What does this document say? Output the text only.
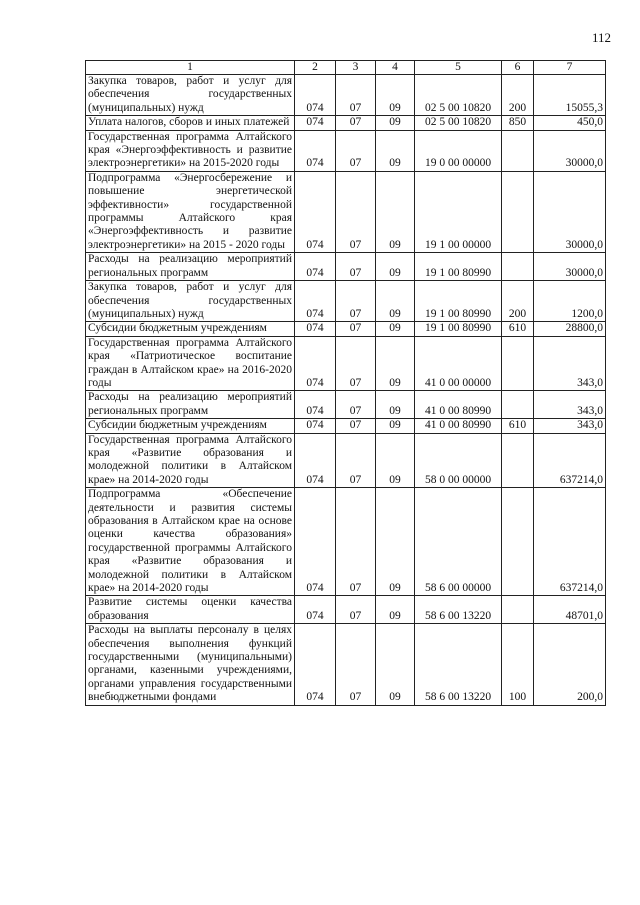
112
1	2	3	4	5	6	7
Закупка товаров, работ и услуг для обеспечения государственных (муниципальных) нужд	074	07	09	02 5 00 10820	200	15055,3
Уплата налогов, сборов и иных платежей	074	07	09	02 5 00 10820	850	450,0
Государственная программа Алтайского края «Энергоэффективность и развитие электроэнергетики» на 2015-2020 годы	074	07	09	19 0 00 00000		30000,0
Подпрограмма «Энергосбережение и повышение энергетической эффективности» государственной программы Алтайского края «Энергоэффективность и развитие электроэнергетики» на 2015 - 2020 годы	074	07	09	19 1 00 00000		30000,0
Расходы на реализацию мероприятий региональных программ	074	07	09	19 1 00 80990		30000,0
Закупка товаров, работ и услуг для обеспечения государственных (муниципальных) нужд	074	07	09	19 1 00 80990	200	1200,0
Субсидии бюджетным учреждениям	074	07	09	19 1 00 80990	610	28800,0
Государственная программа Алтайского края «Патриотическое воспитание граждан в Алтайском крае» на 2016-2020 годы	074	07	09	41 0 00 00000		343,0
Расходы на реализацию мероприятий региональных программ	074	07	09	41 0 00 80990		343,0
Субсидии бюджетным учреждениям	074	07	09	41 0 00 80990	610	343,0
Государственная программа Алтайского края «Развитие образования и молодежной политики в Алтайском крае» на 2014-2020 годы	074	07	09	58 0 00 00000		637214,0
Подпрограмма «Обеспечение деятельности и развития системы образования в Алтайском крае на основе оценки качества образования» государственной программы Алтайского края «Развитие образования и молодежной политики в Алтайском крае» на 2014-2020 годы	074	07	09	58 6 00 00000		637214,0
Развитие системы оценки качества образования	074	07	09	58 6 00 13220		48701,0
Расходы на выплаты персоналу в целях обеспечения выполнения функций государственными (муниципальными) органами, казенными учреждениями, органами управления государственными внебюджетными фондами	074	07	09	58 6 00 13220	100	200,0
